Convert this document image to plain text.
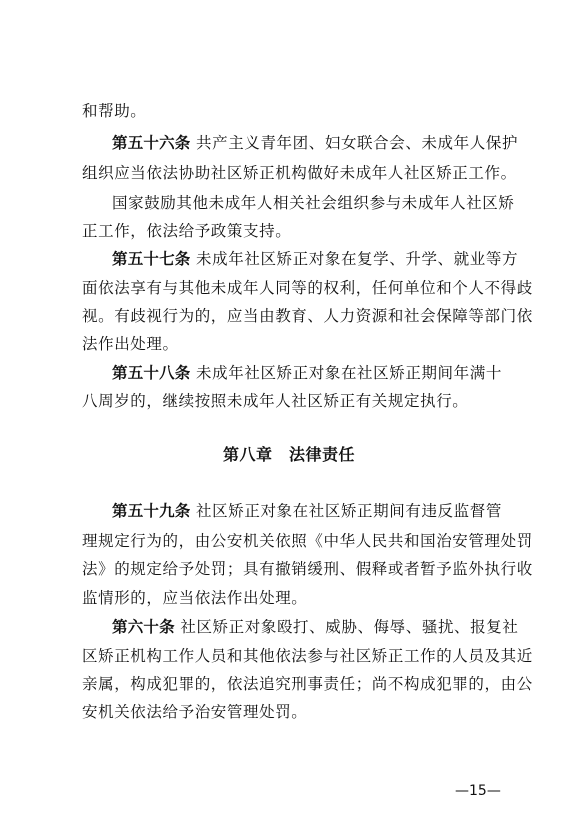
和帮助。
第五十六条 共产主义青年团、妇女联合会、未成年人保护
组织应当依法协助社区矫正机构做好未成年人社区矫正工作。
国家鼓励其他未成年人相关社会组织参与未成年人社区矫
正工作，依法给予政策支持。
第五十七条 未成年社区矫正对象在复学、升学、就业等方
面依法享有与其他未成年人同等的权利，任何单位和个人不得歧
视。有歧视行为的，应当由教育、人力资源和社会保障等部门依
法作出处理。
第五十八条 未成年社区矫正对象在社区矫正期间年满十
八周岁的，继续按照未成年人社区矫正有关规定执行。
第八章　法律责任
第五十九条 社区矫正对象在社区矫正期间有违反监督管
理规定行为的，由公安机关依照《中华人民共和国治安管理处罚
法》的规定给予处罚；具有撤销缓刑、假释或者暂予监外执行收
监情形的，应当依法作出处理。
第六十条 社区矫正对象殴打、威胁、侮辱、骚扰、报复社
区矫正机构工作人员和其他依法参与社区矫正工作的人员及其近
亲属，构成犯罪的，依法追究刑事责任；尚不构成犯罪的，由公
安机关依法给予治安管理处罚。
—15—
